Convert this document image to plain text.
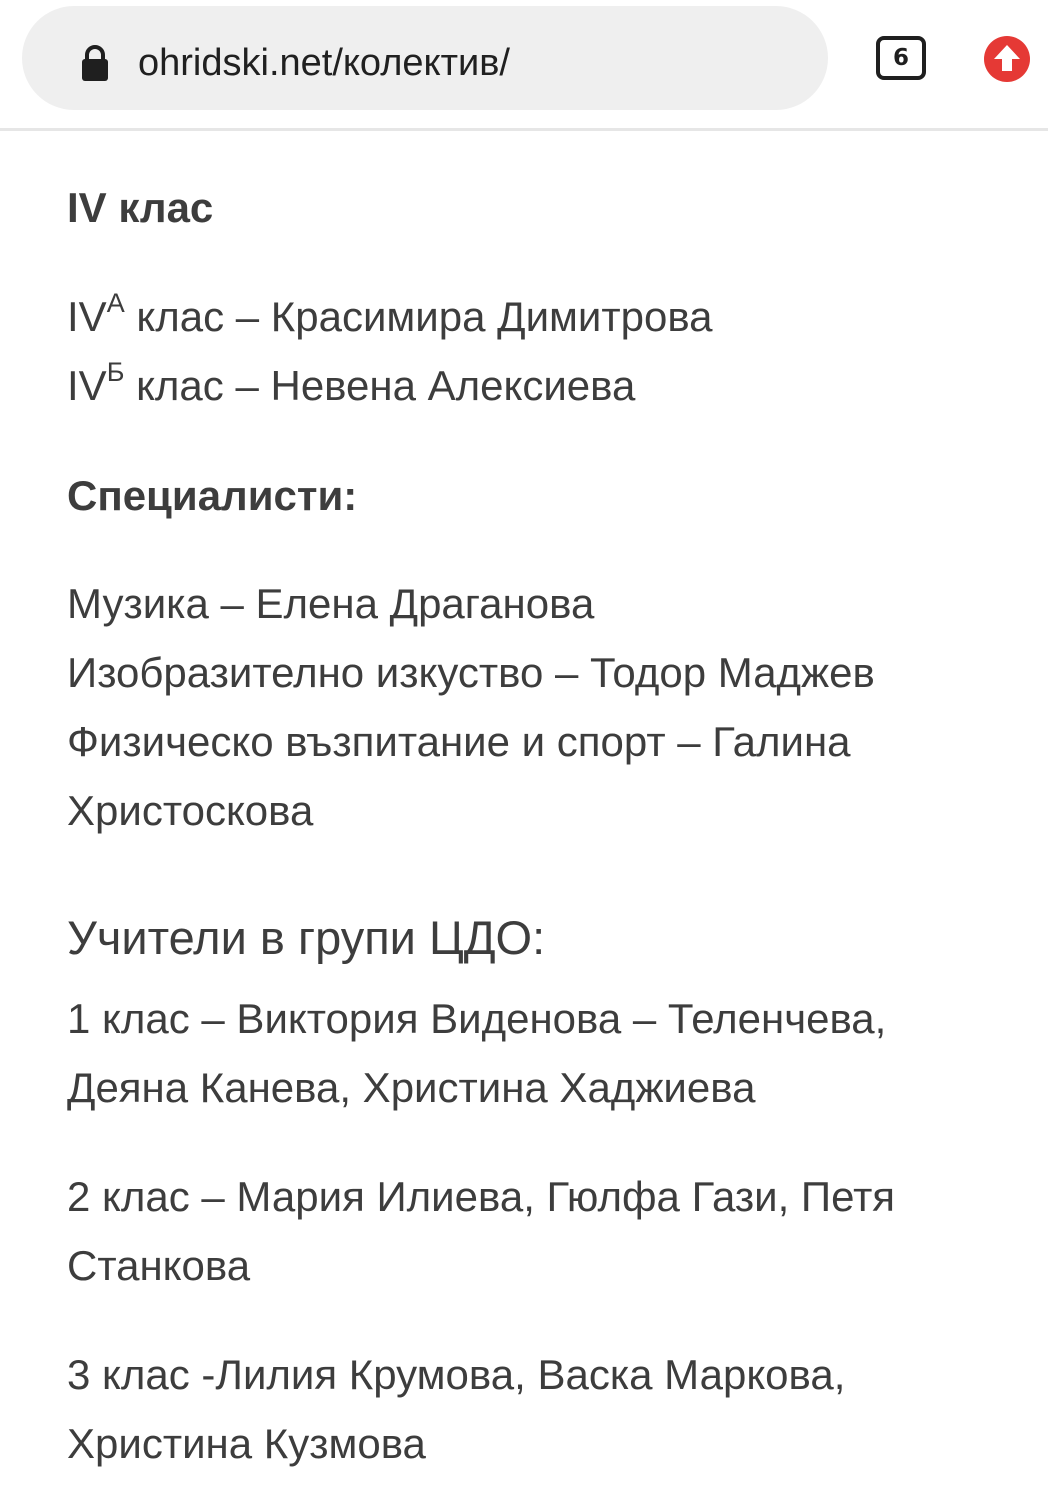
ohridski.net/колектив/	6

IV клас

$IV^А$ клас – Красимира Димитрова
$IV^Б$ клас – Невена Алексиева

Специалисти:

Музика – Елена Драганова
Изобразително изкуство – Тодор Маджев
Физическо възпитание и спорт – Галина
Христоскова

Учители в групи ЦДО:

1 клас – Виктория Виденова – Теленчева,
Деяна Канева, Христина Хаджиева

2 клас – Мария Илиева, Гюлфа Гази, Петя
Станкова

3 клас -Лилия Крумова, Васка Маркова,
Христина Кузмова
